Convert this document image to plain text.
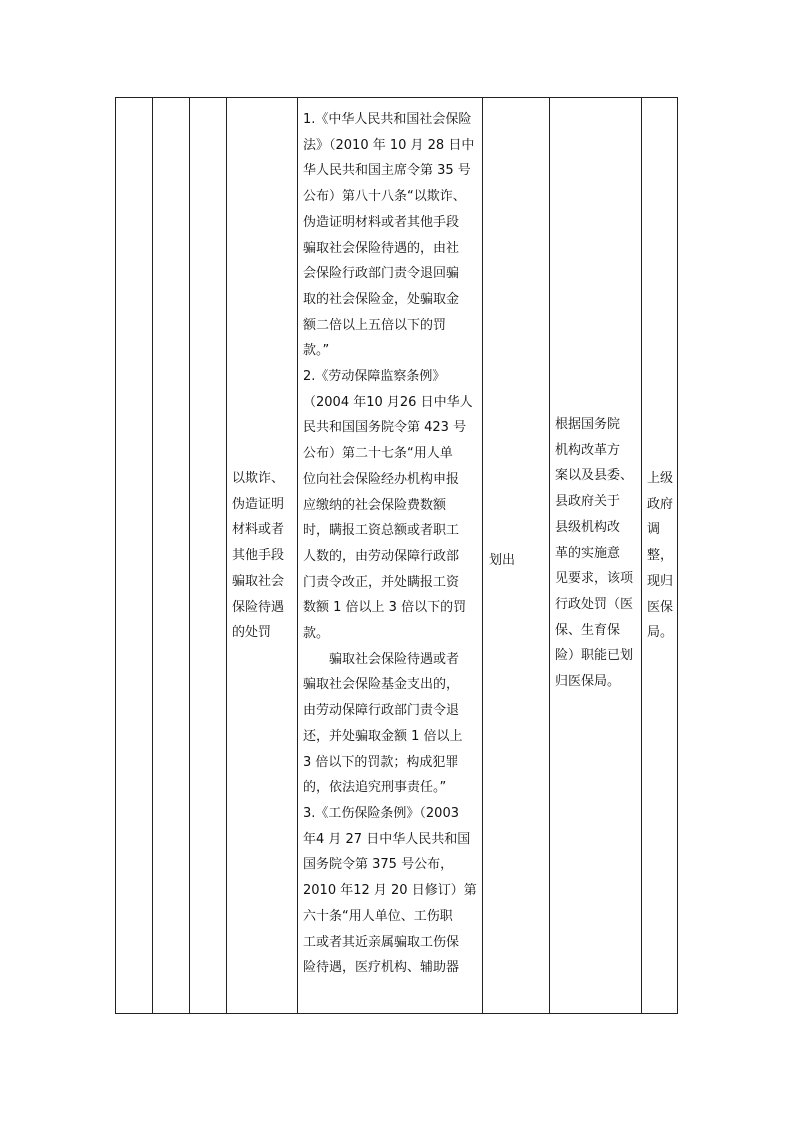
以欺诈、

伪造证明

材料或者

其他手段

骗取社会

保险待遇

的处罚

1.《中华人民共和国社会保险

法》（2010 年 10 月 28 日中

华人民共和国主席令第 35 号

公布）第八十八条“以欺诈、

伪造证明材料或者其他手段

骗取社会保险待遇的，由社

会保险行政部门责令退回骗

取的社会保险金，处骗取金

额二倍以上五倍以下的罚

款。”

2.《劳动保障监察条例》

（2004 年10 月26 日中华人

民共和国国务院令第 423 号

公布）第二十七条“用人单

位向社会保险经办机构申报

应缴纳的社会保险费数额

时，瞒报工资总额或者职工

人数的，由劳动保障行政部

门责令改正，并处瞒报工资

数额 1 倍以上 3 倍以下的罚

款。

骗取社会保险待遇或者

骗取社会保险基金支出的，

由劳动保障行政部门责令退

还，并处骗取金额 1 倍以上

3 倍以下的罚款；构成犯罪

的，依法追究刑事责任。”

3.《工伤保险条例》（2003

年4 月 27 日中华人民共和国

国务院令第 375 号公布，

2010 年12 月 20 日修订）第

六十条“用人单位、工伤职

工或者其近亲属骗取工伤保

险待遇，医疗机构、辅助器

划出

根据国务院

机构改革方

案以及县委、

县政府关于

县级机构改

革的实施意

见要求，该项

行政处罚（医

保、生育保

险）职能已划

归医保局。

上级

政府

调

整，

现归

医保

局。
